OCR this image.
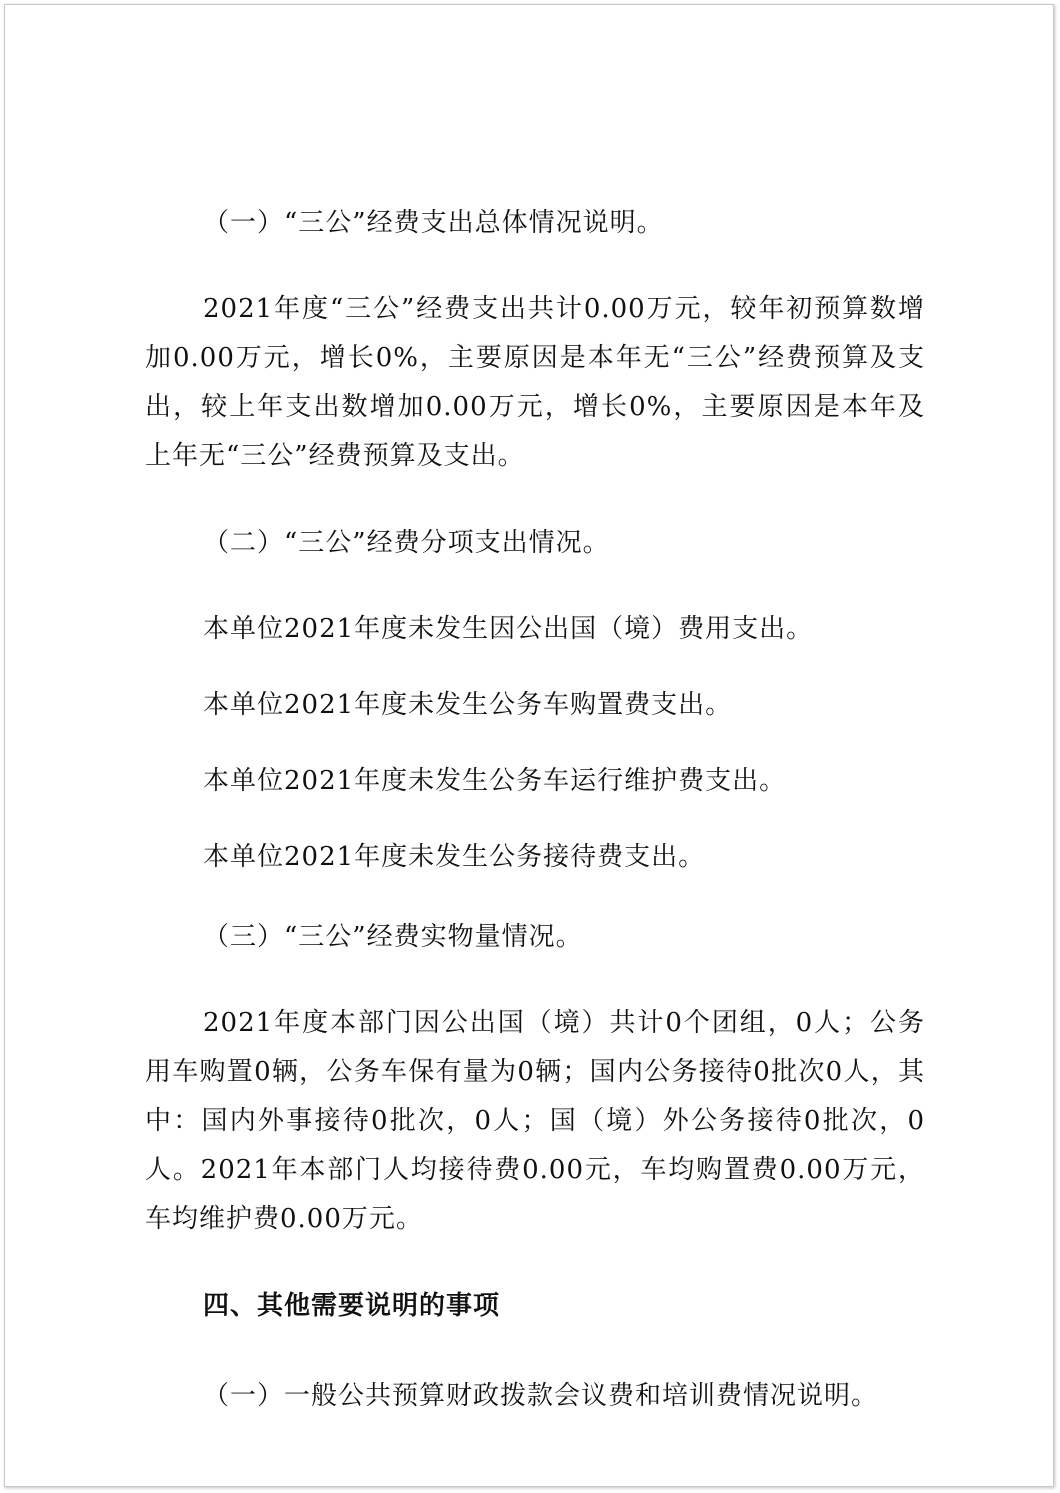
（一）“三公”经费支出总体情况说明。
2021年度“三公”经费支出共计0.00万元，较年初预算数增加0.00万元，增长0%，主要原因是本年无“三公”经费预算及支出，较上年支出数增加0.00万元，增长0%，主要原因是本年及上年无“三公”经费预算及支出。
（二）“三公”经费分项支出情况。
本单位2021年度未发生因公出国（境）费用支出。
本单位2021年度未发生公务车购置费支出。
本单位2021年度未发生公务车运行维护费支出。
本单位2021年度未发生公务接待费支出。
（三）“三公”经费实物量情况。
2021年度本部门因公出国（境）共计0个团组，0人；公务用车购置0辆，公务车保有量为0辆；国内公务接待0批次0人，其中：国内外事接待0批次，0人；国（境）外公务接待0批次，0人。2021年本部门人均接待费0.00元，车均购置费0.00万元，车均维护费0.00万元。
四、其他需要说明的事项
（一）一般公共预算财政拨款会议费和培训费情况说明。
